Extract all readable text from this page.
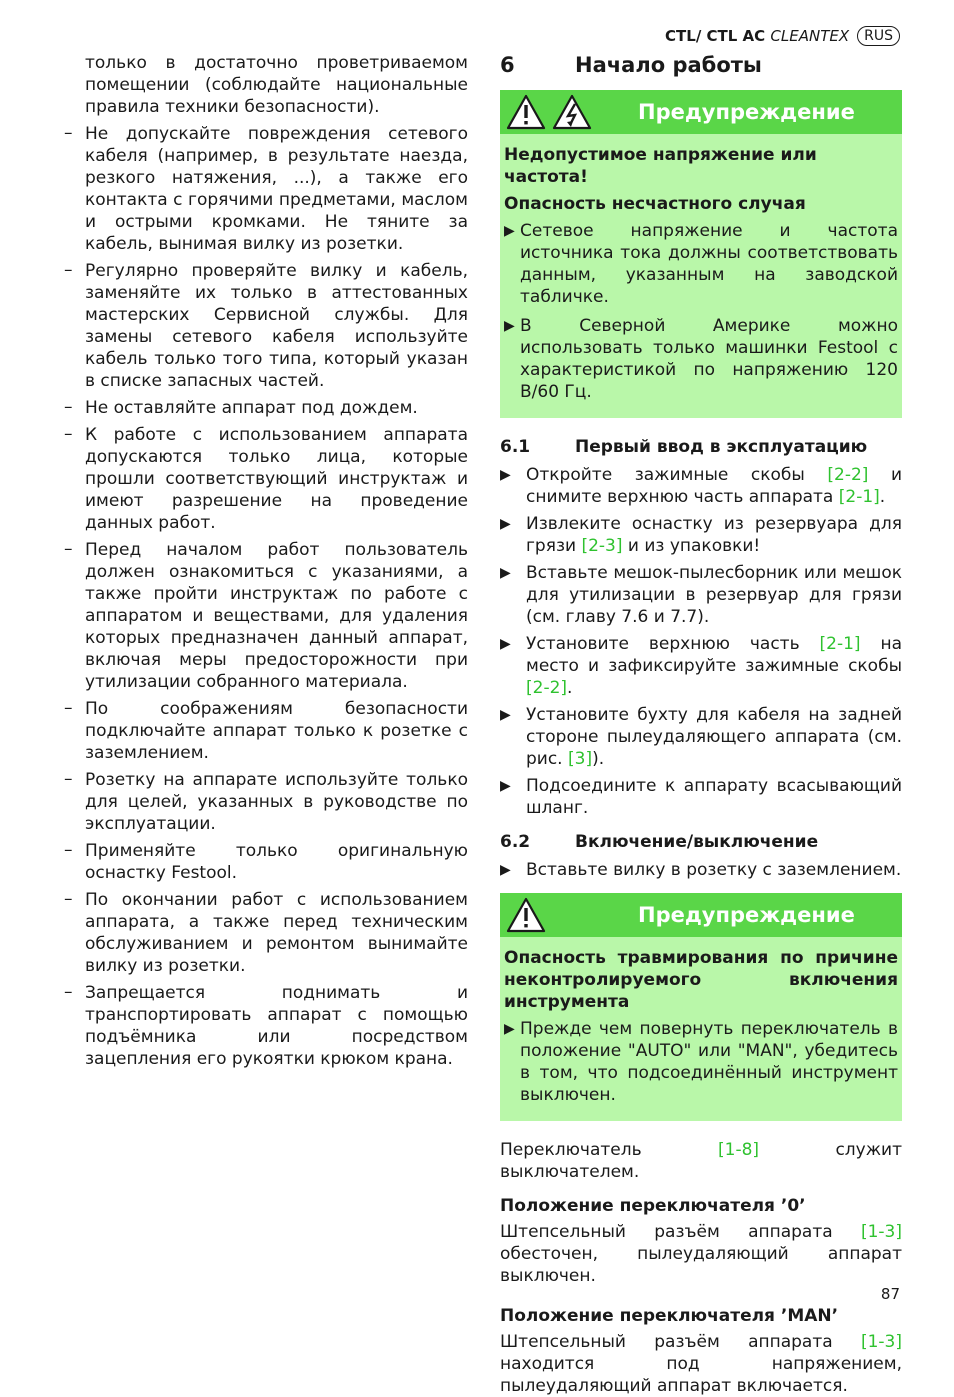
CTL/ CTL AC CLEANTEX	RUS
только в достаточно проветриваемом помещении (соблюдайте национальные правила техники безопасности).
– Не допускайте повреждения сетевого кабеля (например, в результате наезда, резкого натяжения, ...), а также его контакта с горячими предметами, маслом и острыми кромками. Не тяните за кабель, вынимая вилку из розетки.
– Регулярно проверяйте вилку и кабель, заменяйте их только в аттестованных мастерских Сервисной службы. Для замены сетевого кабеля используйте кабель только того типа, который указан в списке запасных частей.
– Не оставляйте аппарат под дождем.
– К работе с использованием аппарата допускаются только лица, которые прошли соответствующий инструктаж и имеют разрешение на проведение данных работ.
– Перед началом работ пользователь должен ознакомиться с указаниями, а также пройти инструктаж по работе с аппаратом и веществами, для удаления которых предназначен данный аппарат, включая меры предосторожности при утилизации собранного материала.
– По соображениям безопасности подключайте аппарат только к розетке с заземлением.
– Розетку на аппарате используйте только для целей, указанных в руководстве по эксплуатации.
– Применяйте только оригинальную оснастку Festool.
– По окончании работ с использованием аппарата, а также перед техническим обслуживанием и ремонтом вынимайте вилку из розетки.
– Запрещается поднимать и транспортировать аппарат с помощью подъёмника или посредством зацепления его рукоятки крюком крана.
6	Начало работы
Предупреждение
Недопустимое напряжение или частота!
Опасность несчастного случая
▶ Сетевое напряжение и частота источника тока должны соответствовать данным, указанным на заводской табличке.
▶ В Северной Америке можно использовать только машинки Festool с характеристикой по напряжению 120 В/60 Гц.
6.1	Первый ввод в эксплуатацию
▶ Откройте зажимные скобы [2-2] и снимите верхнюю часть аппарата [2-1].
▶ Извлеките оснастку из резервуара для грязи [2-3] и из упаковки!
▶ Вставьте мешок-пылесборник или мешок для утилизации в резервуар для грязи (см. главу 7.6 и 7.7).
▶ Установите верхнюю часть [2-1] на место и зафиксируйте зажимные скобы [2-2].
▶ Установите бухту для кабеля на задней стороне пылеудаляющего аппарата (см. рис. [3]).
▶ Подсоедините к аппарату всасывающий шланг.
6.2	Включение/выключение
▶ Вставьте вилку в розетку с заземлением.
Предупреждение
Опасность травмирования по причине неконтролируемого включения инструмента
▶ Прежде чем повернуть переключатель в положение "AUTO" или "MAN", убедитесь в том, что подсоединённый инструмент выключен.
Переключатель [1-8] служит выключателем.
Положение переключателя ’0’
Штепсельный разъём аппарата [1-3] обесточен, пылеудаляющий аппарат выключен.
Положение переключателя ’MAN’
Штепсельный разъём аппарата [1-3] находится под напряжением, пылеудаляющий аппарат включается.
87
